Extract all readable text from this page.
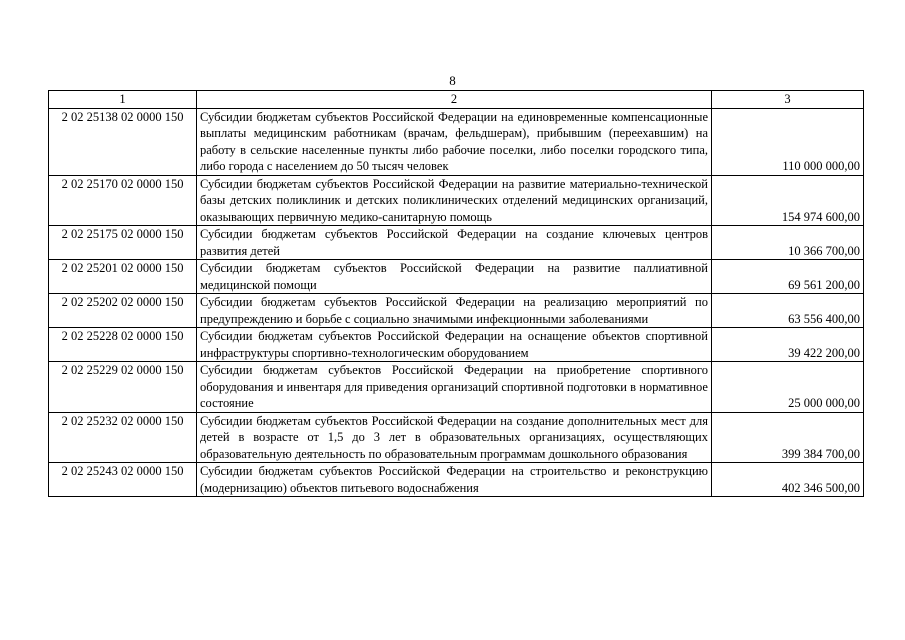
8
1	2	3
2 02 25138 02 0000 150	Субсидии бюджетам субъектов Российской Федерации на единовременные компенсационные выплаты медицинским работникам (врачам, фельдшерам), прибывшим (переехавшим) на работу в сельские населенные пункты либо рабочие поселки, либо поселки городского типа, либо города с населением до 50 тысяч человек	110 000 000,00
2 02 25170 02 0000 150	Субсидии бюджетам субъектов Российской Федерации на развитие материально-технической базы детских поликлиник и детских поликлинических отделений медицинских организаций, оказывающих первичную медико-санитарную помощь	154 974 600,00
2 02 25175 02 0000 150	Субсидии бюджетам субъектов Российской Федерации на создание ключевых центров развития детей	10 366 700,00
2 02 25201 02 0000 150	Субсидии бюджетам субъектов Российской Федерации на развитие паллиативной медицинской помощи	69 561 200,00
2 02 25202 02 0000 150	Субсидии бюджетам субъектов Российской Федерации на реализацию мероприятий по предупреждению и борьбе с социально значимыми инфекционными заболеваниями	63 556 400,00
2 02 25228 02 0000 150	Субсидии бюджетам субъектов Российской Федерации на оснащение объектов спортивной инфраструктуры спортивно-технологическим оборудованием	39 422 200,00
2 02 25229 02 0000 150	Субсидии бюджетам субъектов Российской Федерации на приобретение спортивного оборудования и инвентаря для приведения организаций спортивной подготовки в нормативное состояние	25 000 000,00
2 02 25232 02 0000 150	Субсидии бюджетам субъектов Российской Федерации на создание дополнительных мест для детей в возрасте от 1,5 до 3 лет в образовательных организациях, осуществляющих образовательную деятельность по образовательным программам дошкольного образования	399 384 700,00
2 02 25243 02 0000 150	Субсидии бюджетам субъектов Российской Федерации на строительство и реконструкцию (модернизацию) объектов питьевого водоснабжения	402 346 500,00
